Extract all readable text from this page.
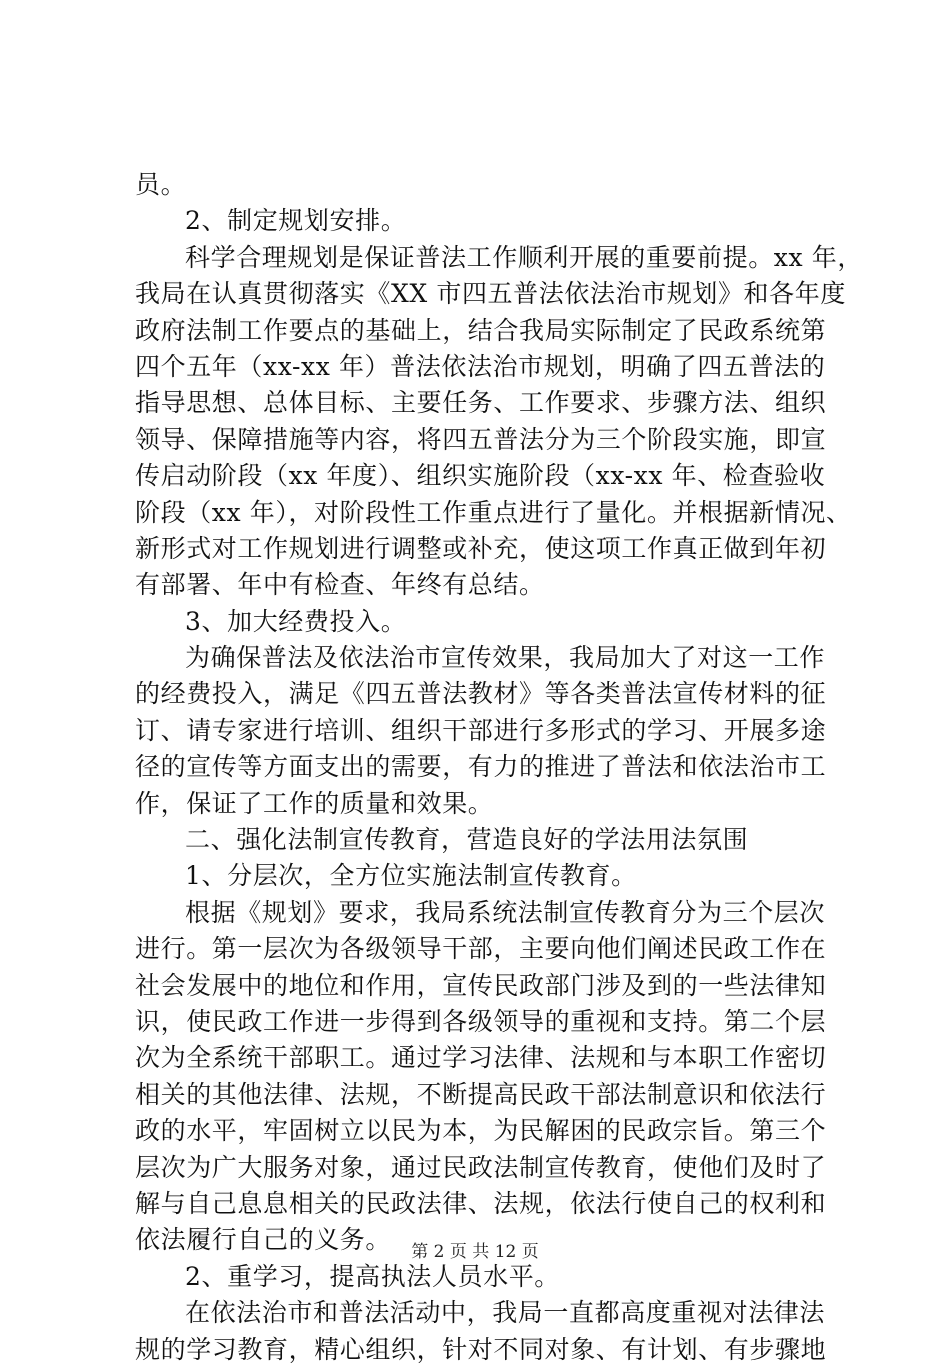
员。
2、制定规划安排。
科学合理规划是保证普法工作顺利开展的重要前提。xx 年，
我局在认真贯彻落实《XX 市四五普法依法治市规划》和各年度
政府法制工作要点的基础上，结合我局实际制定了民政系统第
四个五年（xx-xx 年）普法依法治市规划，明确了四五普法的
指导思想、总体目标、主要任务、工作要求、步骤方法、组织
领导、保障措施等内容，将四五普法分为三个阶段实施，即宣
传启动阶段（xx 年度）、组织实施阶段（xx-xx 年、检查验收
阶段（xx 年），对阶段性工作重点进行了量化。并根据新情况、
新形式对工作规划进行调整或补充，使这项工作真正做到年初
有部署、年中有检查、年终有总结。
3、加大经费投入。
为确保普法及依法治市宣传效果，我局加大了对这一工作
的经费投入，满足《四五普法教材》等各类普法宣传材料的征
订、请专家进行培训、组织干部进行多形式的学习、开展多途
径的宣传等方面支出的需要，有力的推进了普法和依法治市工
作，保证了工作的质量和效果。
二、强化法制宣传教育，营造良好的学法用法氛围
1、分层次，全方位实施法制宣传教育。
根据《规划》要求，我局系统法制宣传教育分为三个层次
进行。第一层次为各级领导干部，主要向他们阐述民政工作在
社会发展中的地位和作用，宣传民政部门涉及到的一些法律知
识，使民政工作进一步得到各级领导的重视和支持。第二个层
次为全系统干部职工。通过学习法律、法规和与本职工作密切
相关的其他法律、法规，不断提高民政干部法制意识和依法行
政的水平，牢固树立以民为本，为民解困的民政宗旨。第三个
层次为广大服务对象，通过民政法制宣传教育，使他们及时了
解与自己息息相关的民政法律、法规，依法行使自己的权利和
依法履行自己的义务。
2、重学习，提高执法人员水平。
在依法治市和普法活动中，我局一直都高度重视对法律法
规的学习教育，精心组织，针对不同对象、有计划、有步骤地
第 2 页 共 12 页
